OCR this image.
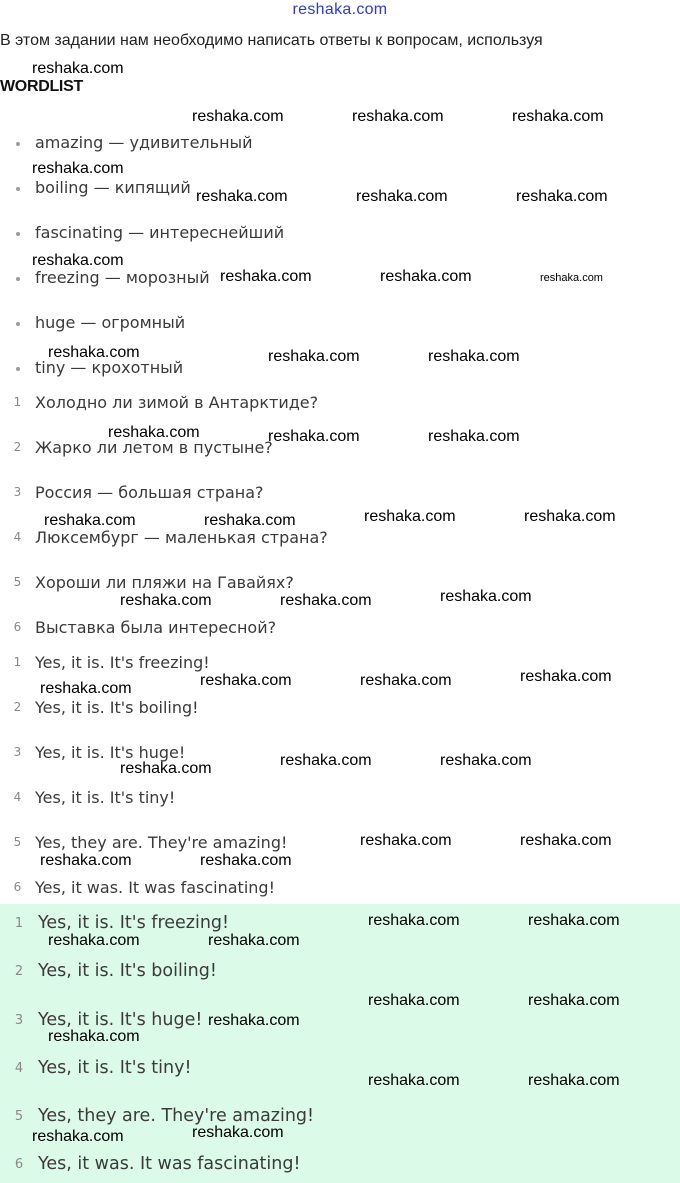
reshaka.com
В этом задании нам необходимо написать ответы к вопросам, используя
WORDLIST
amazing — удивительный
boiling — кипящий
fascinating — интереснейший
freezing — морозный
huge — огромный
tiny — крохотный
1 Холодно ли зимой в Антарктиде?
2 Жарко ли летом в пустыне?
3 Россия — большая страна?
4 Люксембург — маленькая страна?
5 Хороши ли пляжи на Гавайях?
6 Выставка была интересной?
1 Yes, it is. It's freezing!
2 Yes, it is. It's boiling!
3 Yes, it is. It's huge!
4 Yes, it is. It's tiny!
5 Yes, they are. They're amazing!
6 Yes, it was. It was fascinating!
1 Yes, it is. It's freezing!
2 Yes, it is. It's boiling!
3 Yes, it is. It's huge!
4 Yes, it is. It's tiny!
5 Yes, they are. They're amazing!
6 Yes, it was. It was fascinating!
reshaka.com
reshaka.com	reshaka.com	reshaka.com
reshaka.com
reshaka.com	reshaka.com	reshaka.com
reshaka.com
reshaka.com	reshaka.com	reshaka.com
reshaka.com	reshaka.com	reshaka.com
reshaka.com	reshaka.com	reshaka.com
reshaka.com	reshaka.com	reshaka.com	reshaka.com
reshaka.com	reshaka.com	reshaka.com
reshaka.com	reshaka.com	reshaka.com	reshaka.com
reshaka.com	reshaka.com	reshaka.com
reshaka.com	reshaka.com
reshaka.com	reshaka.com
reshaka.com	reshaka.com
reshaka.com	reshaka.com
reshaka.com	reshaka.com
reshaka.com
reshaka.com
reshaka.com	reshaka.com
reshaka.com
reshaka.com
